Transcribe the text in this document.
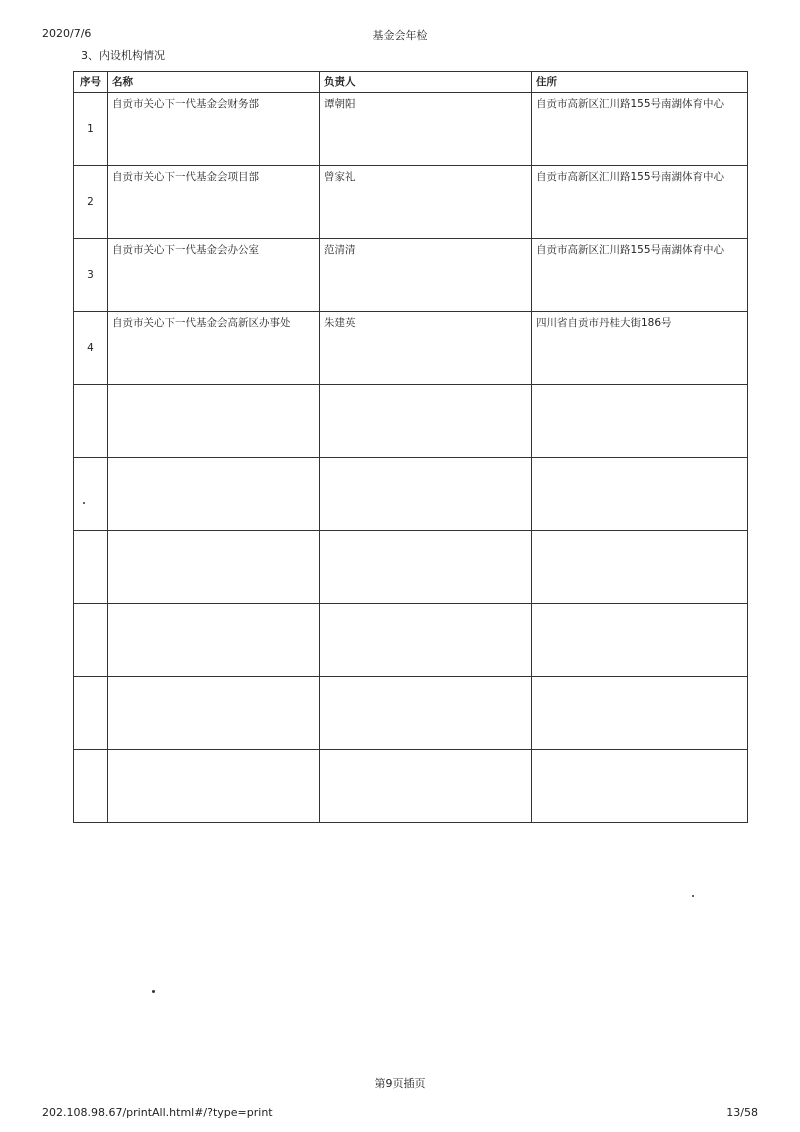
2020/7/6	基金会年检
3、内设机构情况
序号	名称	负责人	住所
1	自贡市关心下一代基金会财务部	谭朝阳	自贡市高新区汇川路155号南湖体育中心
2	自贡市关心下一代基金会项目部	曾家礼	自贡市高新区汇川路155号南湖体育中心
3	自贡市关心下一代基金会办公室	范清清	自贡市高新区汇川路155号南湖体育中心
4	自贡市关心下一代基金会高新区办事处	朱建英	四川省自贡市丹桂大街186号

第9页插页
202.108.98.67/printAll.html#/?type=print	13/58
